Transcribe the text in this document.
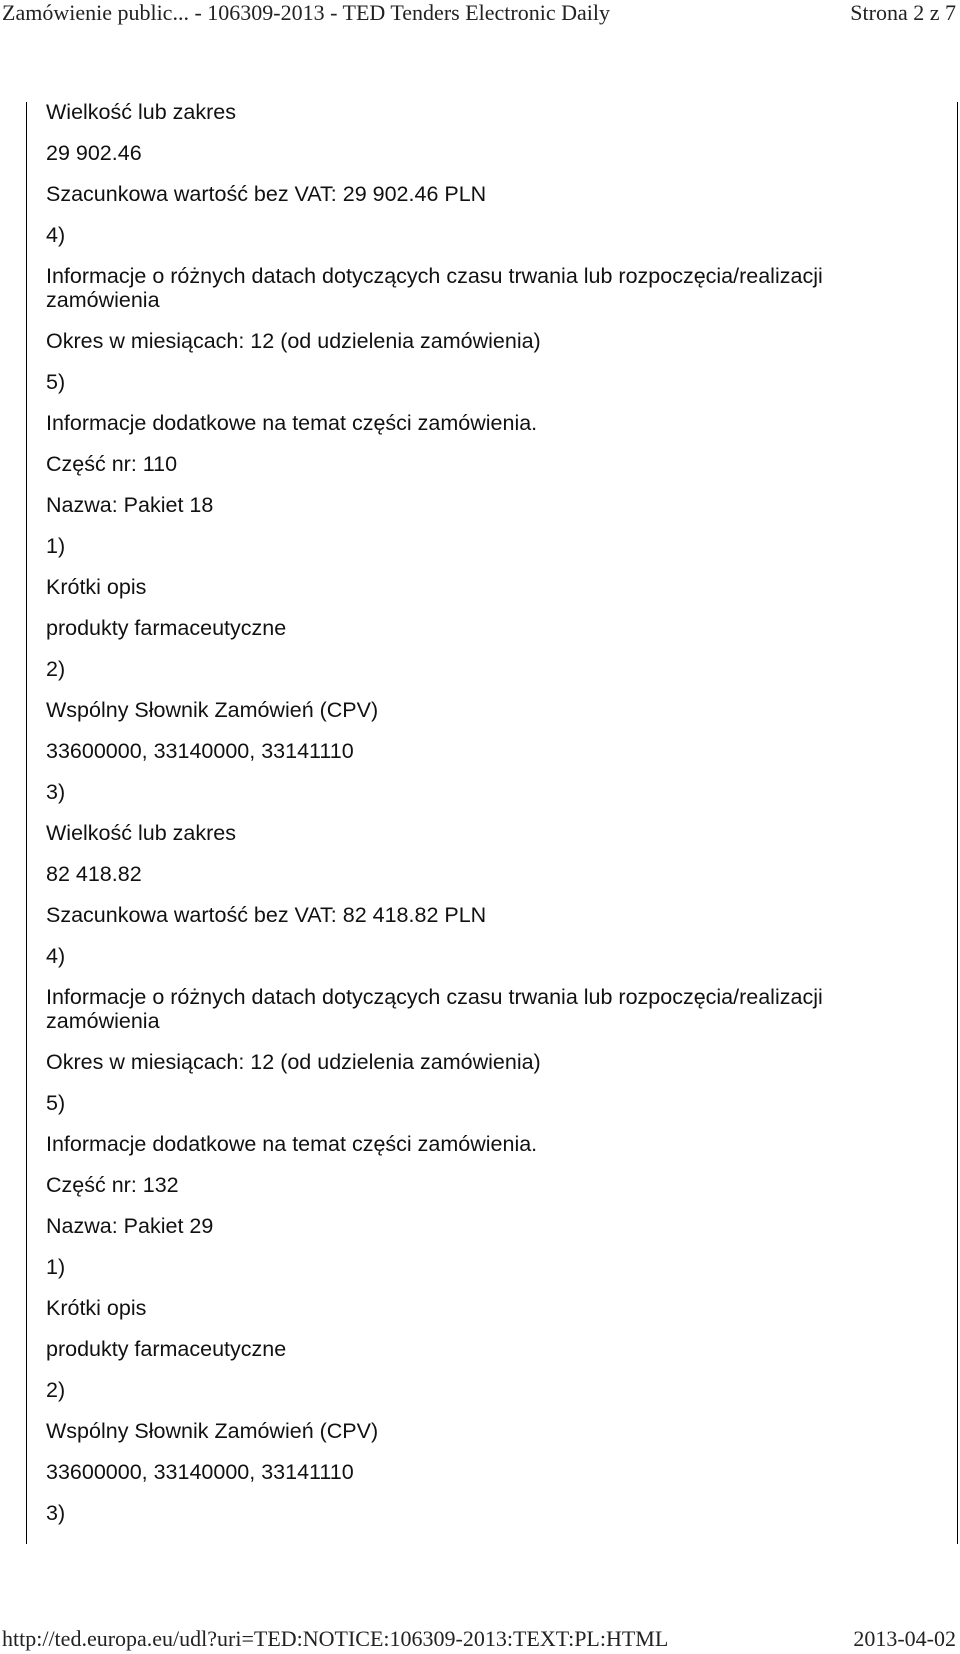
Zamówienie public... - 106309-2013 - TED Tenders Electronic Daily	Strona 2 z 7
Wielkość lub zakres
29 902.46
Szacunkowa wartość bez VAT: 29 902.46 PLN
4)
Informacje o różnych datach dotyczących czasu trwania lub rozpoczęcia/realizacji zamówienia
Okres w miesiącach: 12 (od udzielenia zamówienia)
5)
Informacje dodatkowe na temat części zamówienia.
Część nr: 110
Nazwa: Pakiet 18
1)
Krótki opis
produkty farmaceutyczne
2)
Wspólny Słownik Zamówień (CPV)
33600000, 33140000, 33141110
3)
Wielkość lub zakres
82 418.82
Szacunkowa wartość bez VAT: 82 418.82 PLN
4)
Informacje o różnych datach dotyczących czasu trwania lub rozpoczęcia/realizacji zamówienia
Okres w miesiącach: 12 (od udzielenia zamówienia)
5)
Informacje dodatkowe na temat części zamówienia.
Część nr: 132
Nazwa: Pakiet 29
1)
Krótki opis
produkty farmaceutyczne
2)
Wspólny Słownik Zamówień (CPV)
33600000, 33140000, 33141110
3)
http://ted.europa.eu/udl?uri=TED:NOTICE:106309-2013:TEXT:PL:HTML	2013-04-02
